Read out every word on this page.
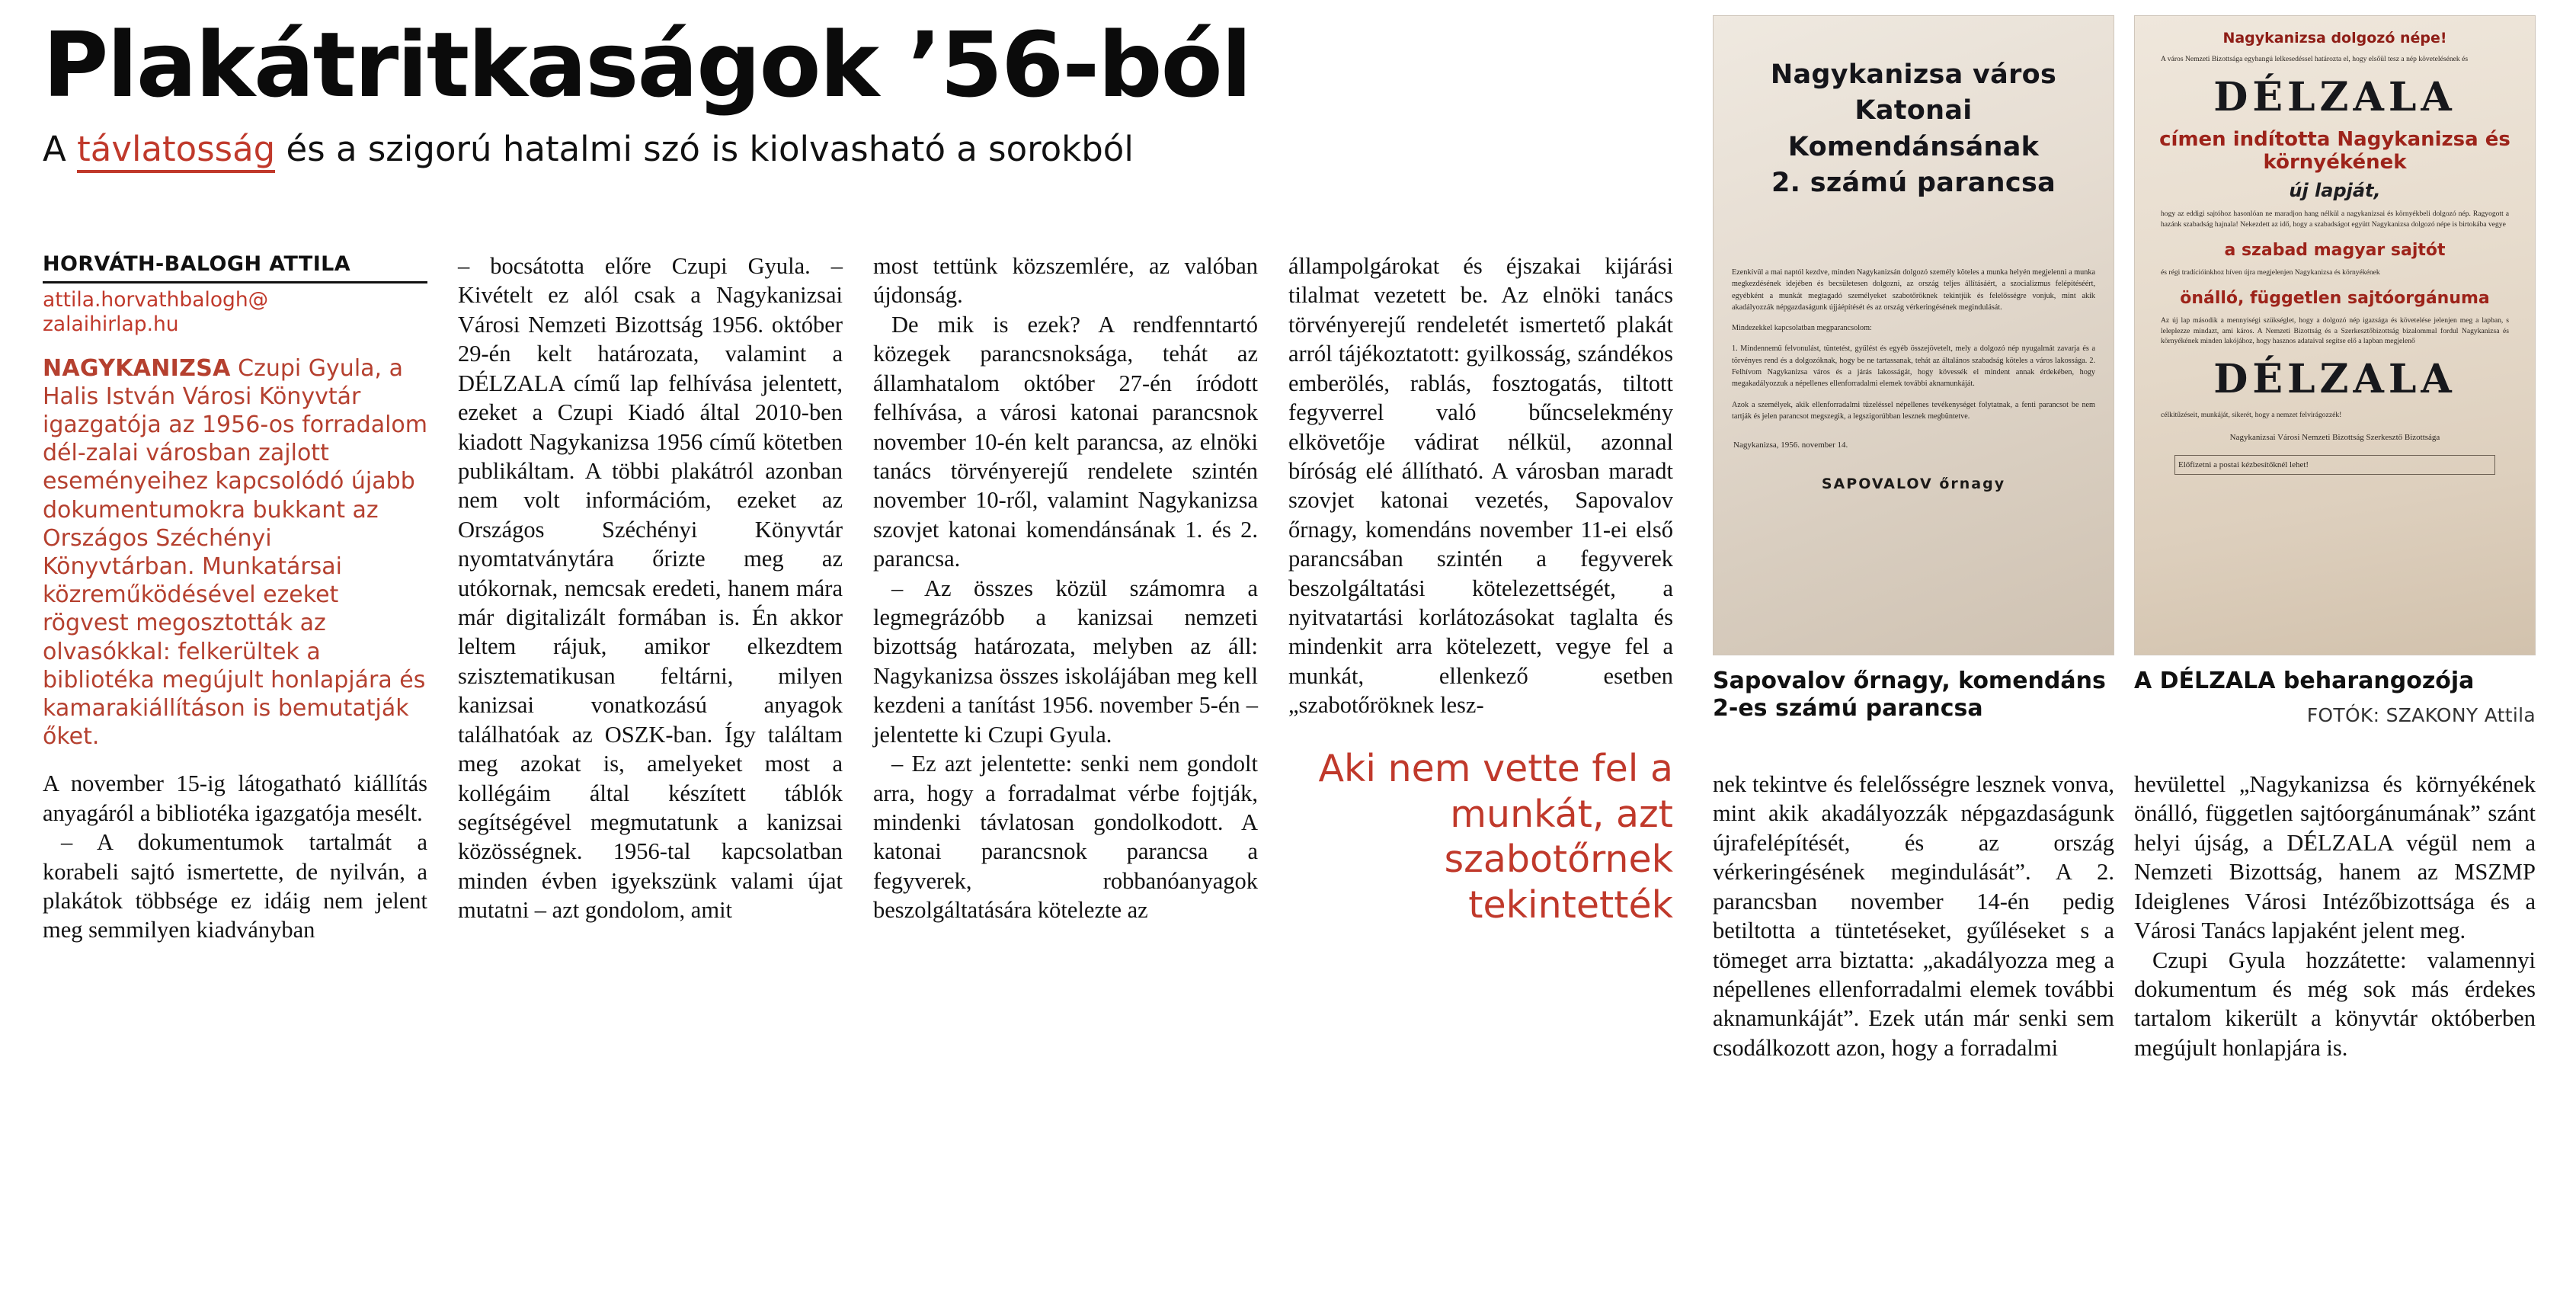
Plakátritkaságok ’56-ból
A távlatosság és a szigorú hatalmi szó is kiolvasható a sorokból
HORVÁTH-BALOGH ATTILA
attila.horvathbalogh@
zalaihirlap.hu
NAGYKANIZSA Czupi Gyula, a Halis István Városi Könyvtár igazgatója az 1956-os forradalom dél-zalai városban zajlott eseményeihez kapcsolódó újabb dokumentumokra bukkant az Országos Széchényi Könyvtárban. Munkatársai közreműködésével ezeket rögvest megosztották az olvasókkal: felkerültek a bibliotéka megújult honlapjára és kamarakiállításon is bemutatják őket.

A november 15-ig látogatható kiállítás anyagáról a bibliotéka igazgatója mesélt.

– A dokumentumok tartalmát a korabeli sajtó ismertette, de nyilván, a plakátok többsége ez idáig nem jelent meg semmilyen kiadványban

– bocsátotta előre Czupi Gyula. – Kivételt ez alól csak a Nagykanizsai Városi Nemzeti Bizottság 1956. október 29-én kelt határozata, valamint a DÉLZALA című lap felhívása jelentett, ezeket a Czupi Kiadó által 2010-ben kiadott Nagykanizsa 1956 című kötetben publikáltam. A többi plakátról azonban nem volt információm, ezeket az Országos Széchényi Könyvtár nyomtatványtára őrizte meg az utókornak, nemcsak eredeti, hanem mára már digitalizált formában is. Én akkor leltem rájuk, amikor elkezdtem szisztematikusan feltárni, milyen kanizsai vonatkozású anyagok találhatóak az OSZK-ban. Így találtam meg azokat is, amelyeket most a kollégáim által készített táblók segítségével megmutatunk a kanizsai közösségnek. 1956-tal kapcsolatban minden évben igyekszünk valami újat mutatni – azt gondolom, amit

most tettünk közszemlére, az valóban újdonság.

De mik is ezek? A rendfenntartó közegek parancsnoksága, tehát az államhatalom október 27-én íródott felhívása, a városi katonai parancsnok november 10-én kelt parancsa, az elnöki tanács törvényerejű rendelete szintén november 10-ről, valamint Nagykanizsa szovjet katonai komendánsának 1. és 2. parancsa.

– Az összes közül számomra a legmegrázóbb a kanizsai nemzeti bizottság határozata, melyben az áll: Nagykanizsa összes iskolájában meg kell kezdeni a tanítást 1956. november 5-én – jelentette ki Czupi Gyula.

– Ez azt jelentette: senki nem gondolt arra, hogy a forradalmat vérbe fojtják, mindenki távlatosan gondolkodott. A katonai parancsnok parancsa a fegyverek, robbanóanyagok beszolgáltatására kötelezte az

állampolgárokat és éjszakai kijárási tilalmat vezetett be. Az elnöki tanács törvényerejű rendeletét ismertető plakát arról tájékoztatott: gyilkosság, szándékos emberölés, rablás, fosztogatás, tiltott fegyverrel való bűncselekmény elkövetője vádirat nélkül, azonnal bíróság elé állítható. A városban maradt szovjet katonai vezetés, Sapovalov őrnagy, komendáns november 11-ei első parancsában szintén a fegyverek beszolgáltatási kötelezettségét, a nyitvatartási korlátozásokat taglalta és mindenkit arra kötelezett, vegye fel a munkát, ellenkező esetben „szabotőröknek lesz-

Aki nem vette fel a munkát, azt szabotőrnek tekintették
Nagykanizsa város
Katonai Komendánsának
2. számú parancsa
Ezenkívül a mai naptól kezdve, minden Nagykanizsán dolgozó személy köteles a munka helyén megjelenni a munka megkezdésének idejében és becsületesen dolgozni, az ország teljes állításáért, a szocializmus felépítéséért, egyébként a munkát megtagadó személyeket szabotőröknek tekintjük és felelősségre vonjuk, mint akik akadályozzák népgazdaságunk újjáépítését és az ország vérkeringésének megindulását.
Mindezekkel kapcsolatban megparancsolom:
1. Mindennemű felvonulást, tüntetést, gyűlést és egyéb összejövetelt, mely a dolgozó nép nyugalmát zavarja és a törvényes rend és a dolgozóknak, hogy be ne tartassanak, tehát az általános szabadság köteles a város lakossága. 2. Felhívom Nagykanizsa város és a járás lakosságát, hogy kövessék el mindent annak érdekében, hogy megakadályozzuk a népellenes ellenforradalmi elemek további aknamunkáját.
Azok a személyek, akik ellenforradalmi tüzeléssel népellenes tevékenységet folytatnak, a fenti parancsot be nem tartják és jelen parancsot megszegik, a legszigorúbban lesznek megbüntetve.
Nagykanizsa, 1956. november 14.
SAPOVALOV őrnagy
Sapovalov őrnagy, komendáns 2-es számú parancsa
Nagykanizsa dolgozó népe!
A város Nemzeti Bizottsága egyhangú lelkesedéssel határozta el, hogy elsőül tesz a nép követelésének és
DÉLZALA
címen indította Nagykanizsa és környékének
új lapját,
hogy az eddigi sajtóhoz hasonlóan ne maradjon hang nélkül a nagykanizsai és környékbeli dolgozó nép. Ragyogott a hazánk szabadság hajnala! Nekezdett az idő, hogy a szabadságot együtt Nagykanizsa dolgozó népe is birtokába vegye
a szabad magyar sajtót
és régi tradícióinkhoz híven újra megjelenjen Nagykanizsa és környékének
önálló, független sajtóorgánuma
Az új lap második a mennyiségi szükséglet, hogy a dolgozó nép igazsága és követelése jelenjen meg a lapban, s leleplezze mindazt, ami káros. A Nemzeti Bizottság és a Szerkesztőbizottság bizalommal fordul Nagykanizsa és környékének minden lakójához, hogy hasznos adataival segítse elő a lapban megjelenő
DÉLZALA
célkitűzéseit, munkáját, sikerét, hogy a nemzet felvirágozzék!
Nagykanizsai Városi Nemzeti Bizottság Szerkesztő Bizottsága
Előfizetni a postai kézbesítőknél lehet!
A DÉLZALA beharangozója
FOTÓK: SZAKONY Attila

nek tekintve és felelősségre lesznek vonva, mint akik akadályozzák népgazdaságunk újrafelépítését, és az ország vérkeringésének megindulását”. A 2. parancsban november 14-én pedig betiltotta a tüntetéseket, gyűléseket s a tömeget arra biztatta: „akadályozza meg a népellenes ellenforradalmi elemek további aknamunkáját”. Ezek után már senki sem csodálkozott azon, hogy a forradalmi

hevülettel „Nagykanizsa és környékének önálló, független sajtóorgánumának” szánt helyi újság, a DÉLZALA végül nem a Nemzeti Bizottság, hanem az MSZMP Ideiglenes Városi Intézőbizottsága és a Városi Tanács lapjaként jelent meg.

Czupi Gyula hozzátette: valamennyi dokumentum és még sok más érdekes tartalom kikerült a könyvtár októberben megújult honlapjára is.
